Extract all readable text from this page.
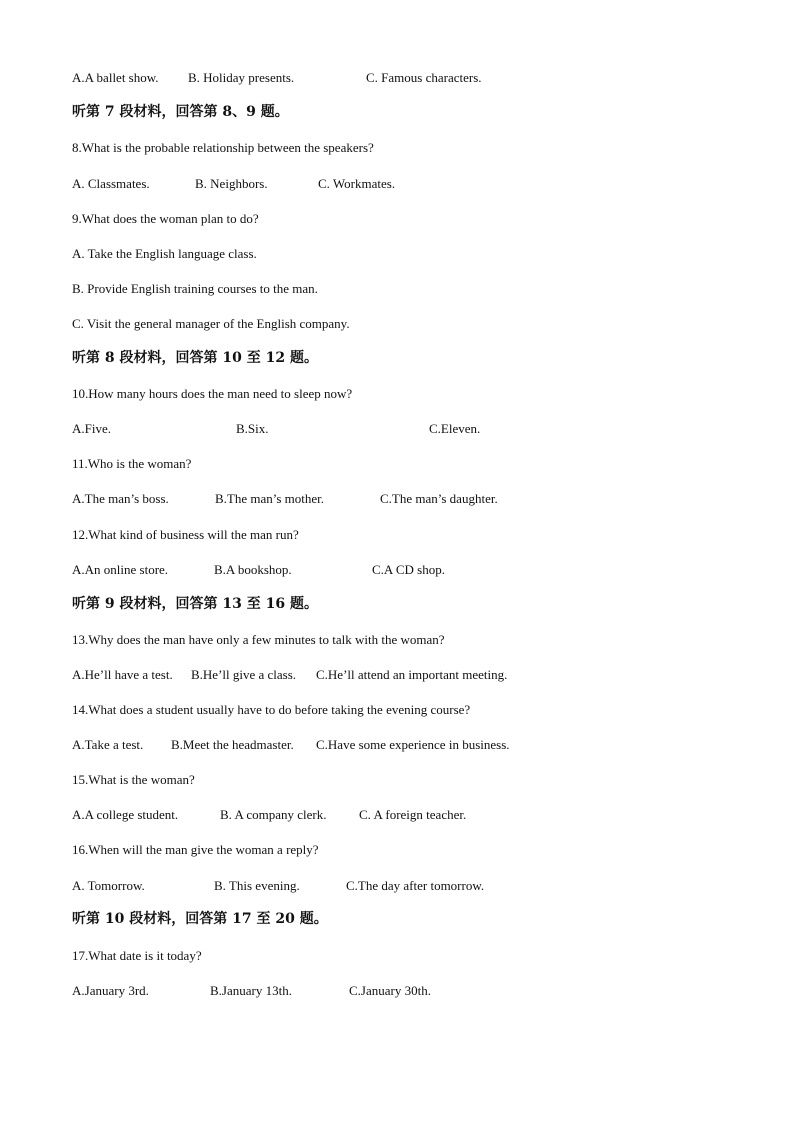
A.A ballet show. B. Holiday presents.	C. Famous characters.
听第 7 段材料，回答第 8、9 题。
8.What is the probable relationship between the speakers?
A. Classmates.	B. Neighbors.	C. Workmates.
9.What does the woman plan to do?
A. Take the English language class.
B. Provide English training courses to the man.
C. Visit the general manager of the English company.
听第 8 段材料，回答第 10 至 12 题。
10.How many hours does the man need to sleep now?
A.Five.	B.Six.	C.Eleven.
11.Who is the woman?
A.The man’s boss.	B.The man’s mother.	C.The man’s daughter.
12.What kind of business will the man run?
A.An online store.	B.A bookshop.	C.A CD shop.
听第 9 段材料，回答第 13 至 16 题。
13.Why does the man have only a few minutes to talk with the woman?
A.He’ll have a test. B.He’ll give a class. C.He’ll attend an important meeting.
14.What does a student usually have to do before taking the evening course?
A.Take a test. B.Meet the headmaster. C.Have some experience in business.
15.What is the woman?
A.A college student.	B. A company clerk. C. A foreign teacher.
16.When will the man give the woman a reply?
A. Tomorrow.	B. This evening.	C.The day after tomorrow.
听第 10 段材料，回答第 17 至 20 题。
17.What date is it today?
A.January 3rd.	B.January 13th.	C.January 30th.
